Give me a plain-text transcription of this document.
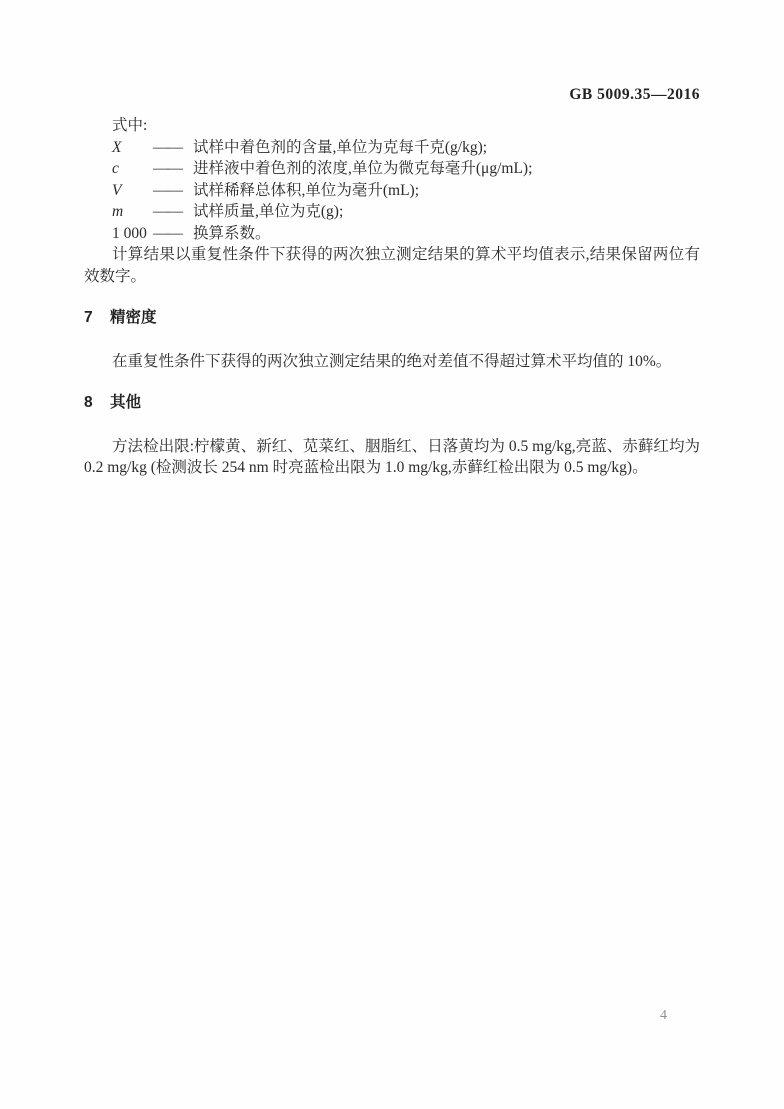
GB 5009.35—2016
式中:
X	—— 试样中着色剂的含量,单位为克每千克(g/kg);
c	—— 进样液中着色剂的浓度,单位为微克每毫升(μg/mL);
V	—— 试样稀释总体积,单位为毫升(mL);
m	—— 试样质量,单位为克(g);
1 000 —— 换算系数。

计算结果以重复性条件下获得的两次独立测定结果的算术平均值表示,结果保留两位有效数字。

7	精密度
在重复性条件下获得的两次独立测定结果的绝对差值不得超过算术平均值的 10%。
8	其他
方法检出限:柠檬黄、新红、苋菜红、胭脂红、日落黄均为 0.5 mg/kg,亮蓝、赤藓红均为0.2 mg/kg (检测波长 254 nm 时亮蓝检出限为 1.0 mg/kg,赤藓红检出限为 0.5 mg/kg)。
4
